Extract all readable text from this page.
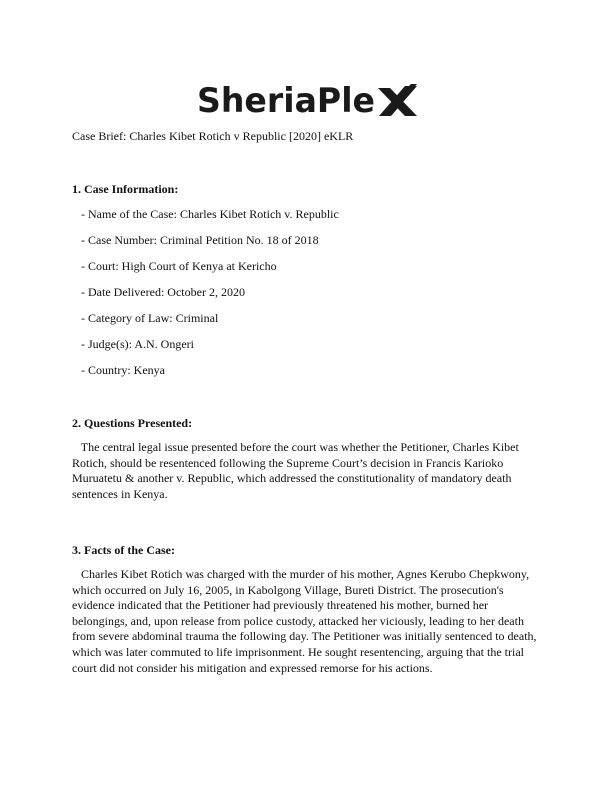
SheriaPle
Case Brief: Charles Kibet Rotich v Republic [2020] eKLR
1. Case Information:
- Name of the Case: Charles Kibet Rotich v. Republic
- Case Number: Criminal Petition No. 18 of 2018
- Court: High Court of Kenya at Kericho
- Date Delivered: October 2, 2020
- Category of Law: Criminal
- Judge(s): A.N. Ongeri
- Country: Kenya
2. Questions Presented:
The central legal issue presented before the court was whether the Petitioner, Charles Kibet
Rotich, should be resentenced following the Supreme Court’s decision in Francis Karioko
Muruatetu & another v. Republic, which addressed the constitutionality of mandatory death
sentences in Kenya.
3. Facts of the Case:
Charles Kibet Rotich was charged with the murder of his mother, Agnes Kerubo Chepkwony,
which occurred on July 16, 2005, in Kabolgong Village, Bureti District. The prosecution's
evidence indicated that the Petitioner had previously threatened his mother, burned her
belongings, and, upon release from police custody, attacked her viciously, leading to her death
from severe abdominal trauma the following day. The Petitioner was initially sentenced to death,
which was later commuted to life imprisonment. He sought resentencing, arguing that the trial
court did not consider his mitigation and expressed remorse for his actions.
